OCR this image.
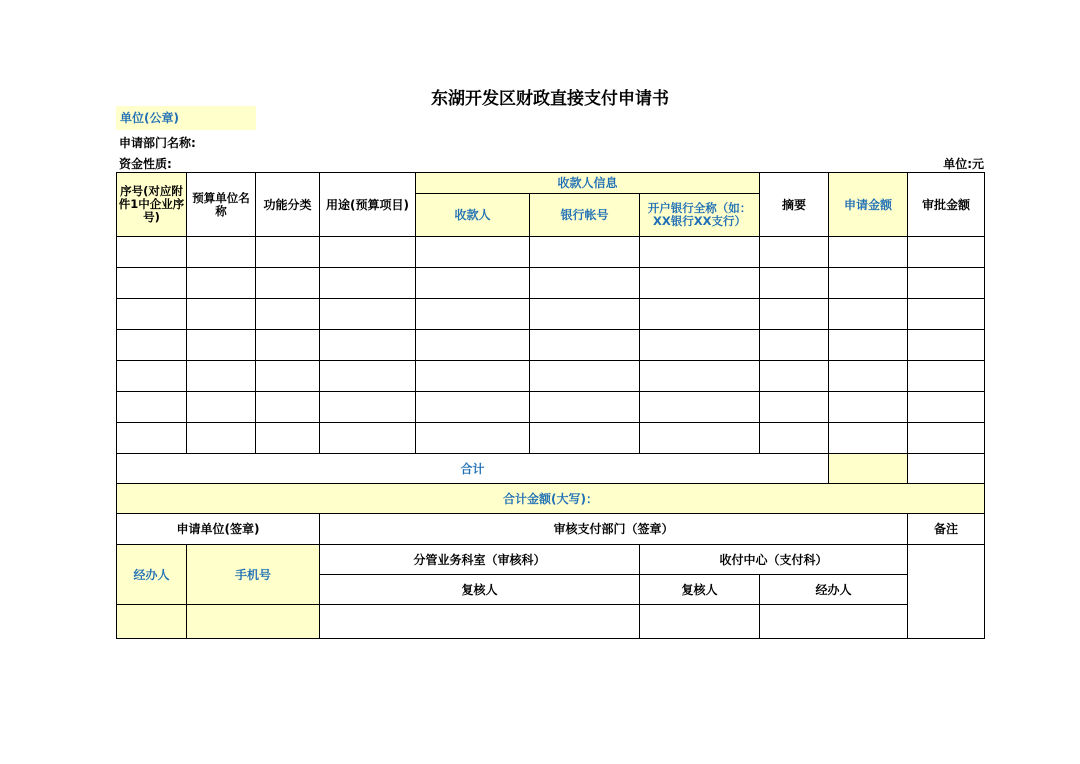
东湖开发区财政直接支付申请书
单位(公章)
申请部门名称:
资金性质:	单位:元
序号(对应附件1中企业序号)	预算单位名称	功能分类	用途(预算项目)	收款人信息			摘要	申请金额	审批金额
				收款人	银行帐号	开户银行全称（如：XX银行XX支行）			

合计									
合计金额(大写)：									
申请单位(签章)			审核支付部门（签章）						备注
经办人	手机号		分管业务科室（审核科）			收付中心（支付科）			
			复核人			复核人	经办人		
